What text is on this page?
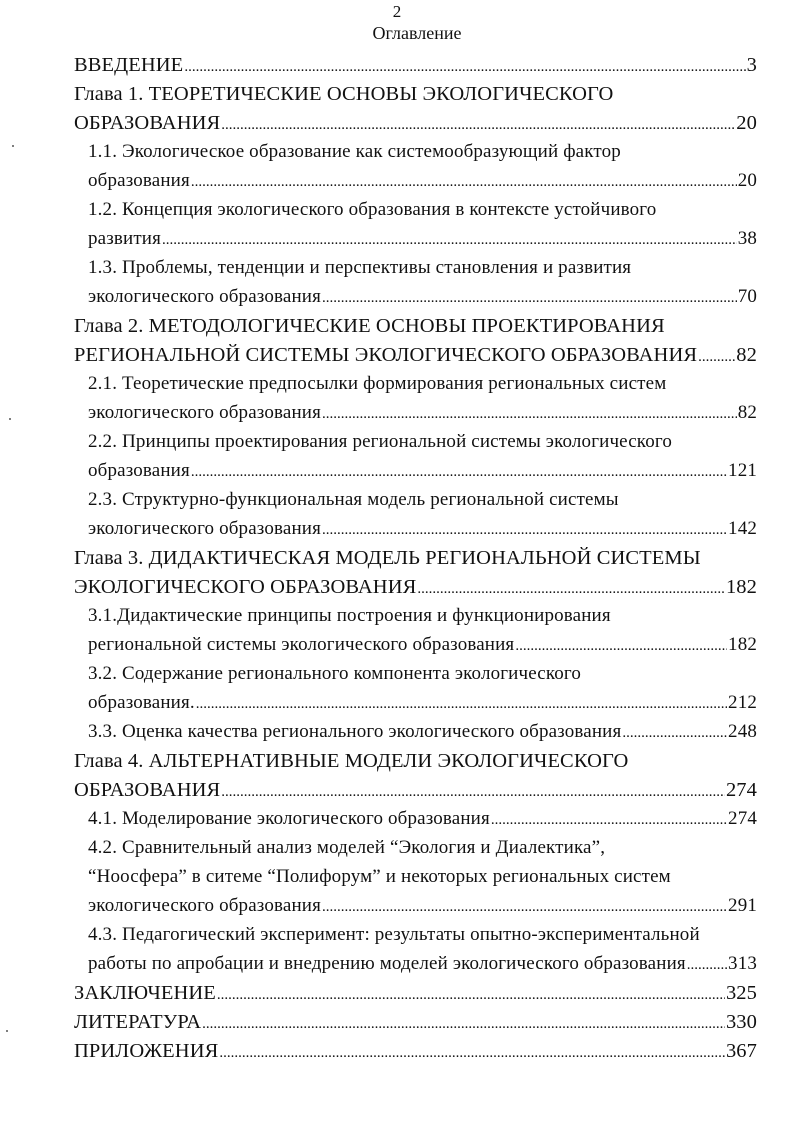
2
Оглавление
ВВЕДЕНИЕ .....	3
Глава 1. ТЕОРЕТИЧЕСКИЕ ОСНОВЫ ЭКОЛОГИЧЕСКОГО
ОБРАЗОВАНИЯ .....	20
1.1. Экологическое образование как системообразующий фактор
образования .....	20
1.2. Концепция экологического образования в контексте устойчивого
развития .....	38
1.3. Проблемы, тенденции и перспективы становления и развития
экологического образования .....	70
Глава 2. МЕТОДОЛОГИЧЕСКИЕ ОСНОВЫ ПРОЕКТИРОВАНИЯ
РЕГИОНАЛЬНОЙ СИСТЕМЫ ЭКОЛОГИЧЕСКОГО ОБРАЗОВАНИЯ ..... 82
2.1. Теоретические предпосылки формирования региональных систем
экологического образования .....	82
2.2. Принципы проектирования региональной системы экологического
образования .....	121
2.3. Структурно-функциональная модель региональной системы
экологического образования .....	142
Глава 3. ДИДАКТИЧЕСКАЯ МОДЕЛЬ РЕГИОНАЛЬНОЙ СИСТЕМЫ
ЭКОЛОГИЧЕСКОГО ОБРАЗОВАНИЯ .....	182
3.1.Дидактические принципы построения и функционирования
региональной системы экологического образования .....	182
3.2. Содержание регионального компонента экологического
образования. .....	212
3.3. Оценка качества регионального экологического образования .....	248
Глава 4. АЛЬТЕРНАТИВНЫЕ МОДЕЛИ ЭКОЛОГИЧЕСКОГО
ОБРАЗОВАНИЯ .....	274
4.1. Моделирование экологического образования .....	274
4.2. Сравнительный анализ моделей “Экология и Диалектика”,
“Ноосфера” в ситеме “Полифорум” и некоторых региональных систем
экологического образования .....	291
4.3. Педагогический эксперимент: результаты опытно-экспериментальной
работы по апробации и внедрению моделей экологического образования ..... 313
ЗАКЛЮЧЕНИЕ .....	325
ЛИТЕРАТУРА .....	330
ПРИЛОЖЕНИЯ .....	367
